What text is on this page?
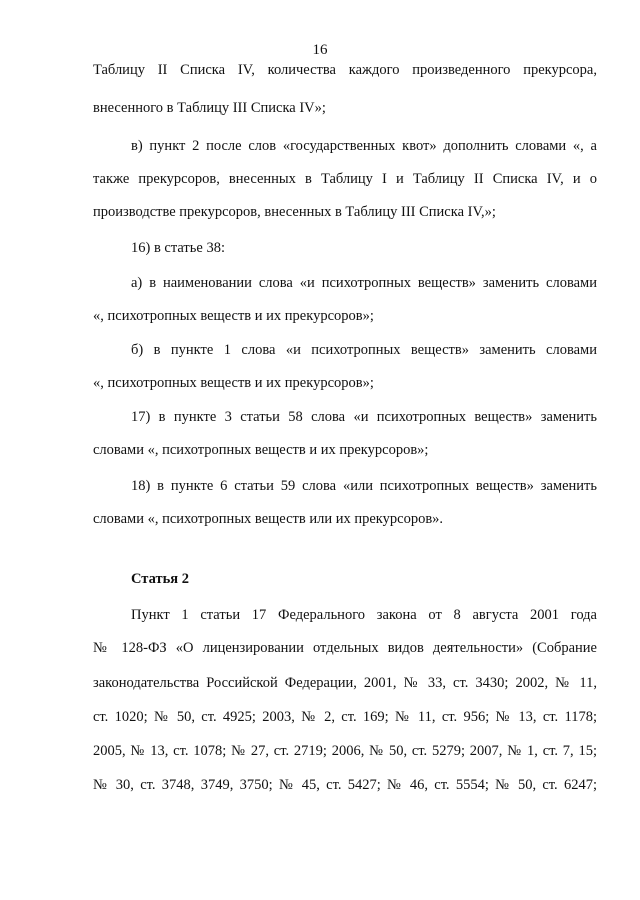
16
Таблицу II Списка IV, количества каждого произведенного прекурсора,
внесенного в Таблицу III Списка IV»;
в) пункт 2 после слов «государственных квот» дополнить словами «, а
также прекурсоров, внесенных в Таблицу I и Таблицу II Списка IV, и о
производстве прекурсоров, внесенных в Таблицу III Списка IV,»;
16) в статье 38:
а) в наименовании слова «и психотропных веществ» заменить словами
«, психотропных веществ и их прекурсоров»;
б) в пункте 1 слова «и психотропных веществ» заменить словами
«, психотропных веществ и их прекурсоров»;
17) в пункте 3 статьи 58 слова «и психотропных веществ» заменить
словами «, психотропных веществ и их прекурсоров»;
18) в пункте 6 статьи 59 слова «или психотропных веществ» заменить
словами «, психотропных веществ или их прекурсоров».
Статья 2
Пункт 1 статьи 17 Федерального закона от 8 августа 2001 года
№ 128-ФЗ «О лицензировании отдельных видов деятельности» (Собрание
законодательства Российской Федерации, 2001, № 33, ст. 3430; 2002, № 11,
ст. 1020; № 50, ст. 4925; 2003, № 2, ст. 169; № 11, ст. 956; № 13, ст. 1178;
2005, № 13, ст. 1078; № 27, ст. 2719; 2006, № 50, ст. 5279; 2007, № 1, ст. 7, 15;
№ 30, ст. 3748, 3749, 3750; № 45, ст. 5427; № 46, ст. 5554; № 50, ст. 6247;
